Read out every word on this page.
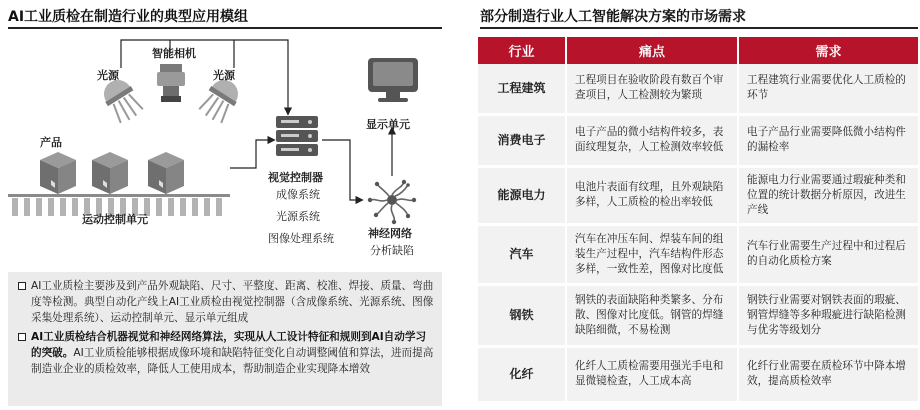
AI工业质检在制造行业的典型应用模组
智能相机
光源	光源
产品
运动控制单元
视觉控制器
成像系统
光源系统
图像处理系统
显示单元
神经网络
分析缺陷
AI工业质检主要涉及到产品外观缺陷、尺寸、平整度、距离、校准、焊接、质量、弯曲度等检测。典型自动化产线上AI工业质检由视觉控制器（含成像系统、光源系统、图像采集处理系统）、运动控制单元、显示单元组成
AI工业质检结合机器视觉和神经网络算法，实现从人工设计特征和规则到AI自动学习的突破。AI工业质检能够根据成像环境和缺陷特征变化自动调整阈值和算法，进而提高制造业企业的质检效率，降低人工使用成本，帮助制造企业实现降本增效
部分制造行业人工智能解决方案的市场需求
行业	痛点	需求
工程建筑	工程项目在验收阶段有数百个审查项目，人工检测较为繁琐	工程建筑行业需要优化人工质检的环节
消费电子	电子产品的微小结构件较多，表面纹理复杂，人工检测效率较低	电子产品行业需要降低微小结构件的漏检率
能源电力	电池片表面有纹理，且外观缺陷多样，人工质检的检出率较低	能源电力行业需要通过瑕疵种类和位置的统计数据分析原因，改进生产线
汽车	汽车在冲压车间、焊装车间的组装生产过程中，汽车结构件形态多样，一致性差，图像对比度低	汽车行业需要生产过程中和过程后的自动化质检方案
钢铁	钢铁的表面缺陷种类繁多、分布散、图像对比度低。钢管的焊缝缺陷细微，不易检测	钢铁行业需要对钢铁表面的瑕疵、钢管焊缝等多种瑕疵进行缺陷检测与优劣等级划分
化纤	化纤人工质检需要用强光手电和显微镜检查，人工成本高	化纤行业需要在质检环节中降本增效，提高质检效率
